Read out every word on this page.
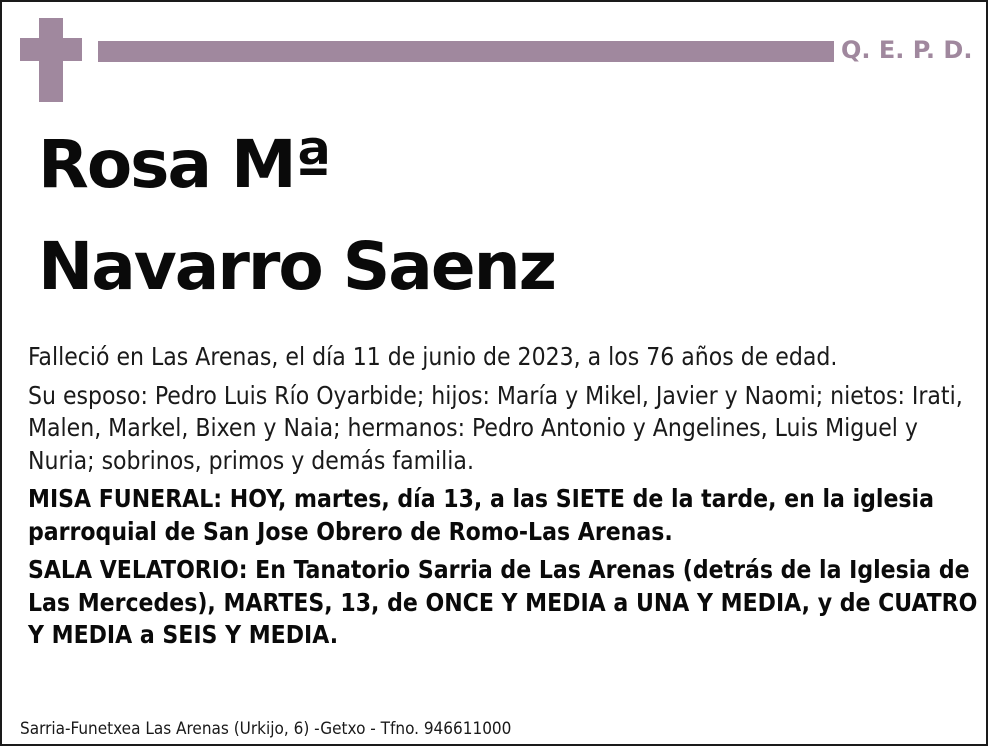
Q. E. P. D.
Rosa Mª
Navarro Saenz

Falleció en Las Arenas, el día 11 de junio de 2023, a los 76 años de edad.

Su esposo: Pedro Luis Río Oyarbide; hijos: María y Mikel, Javier y Naomi; nietos: Irati, Malen, Markel, Bixen y Naia; hermanos: Pedro Antonio y Angelines, Luis Miguel y Nuria; sobrinos, primos y demás familia.

MISA FUNERAL: HOY, martes, día 13, a las SIETE de la tarde, en la iglesia parroquial de San Jose Obrero de Romo-Las Arenas.

SALA VELATORIO: En Tanatorio Sarria de Las Arenas (detrás de la Iglesia de Las Mercedes), MARTES, 13, de ONCE Y MEDIA a UNA Y MEDIA, y de CUATRO Y MEDIA a SEIS Y MEDIA.

Sarria-Funetxea Las Arenas (Urkijo, 6) -Getxo - Tfno. 946611000
